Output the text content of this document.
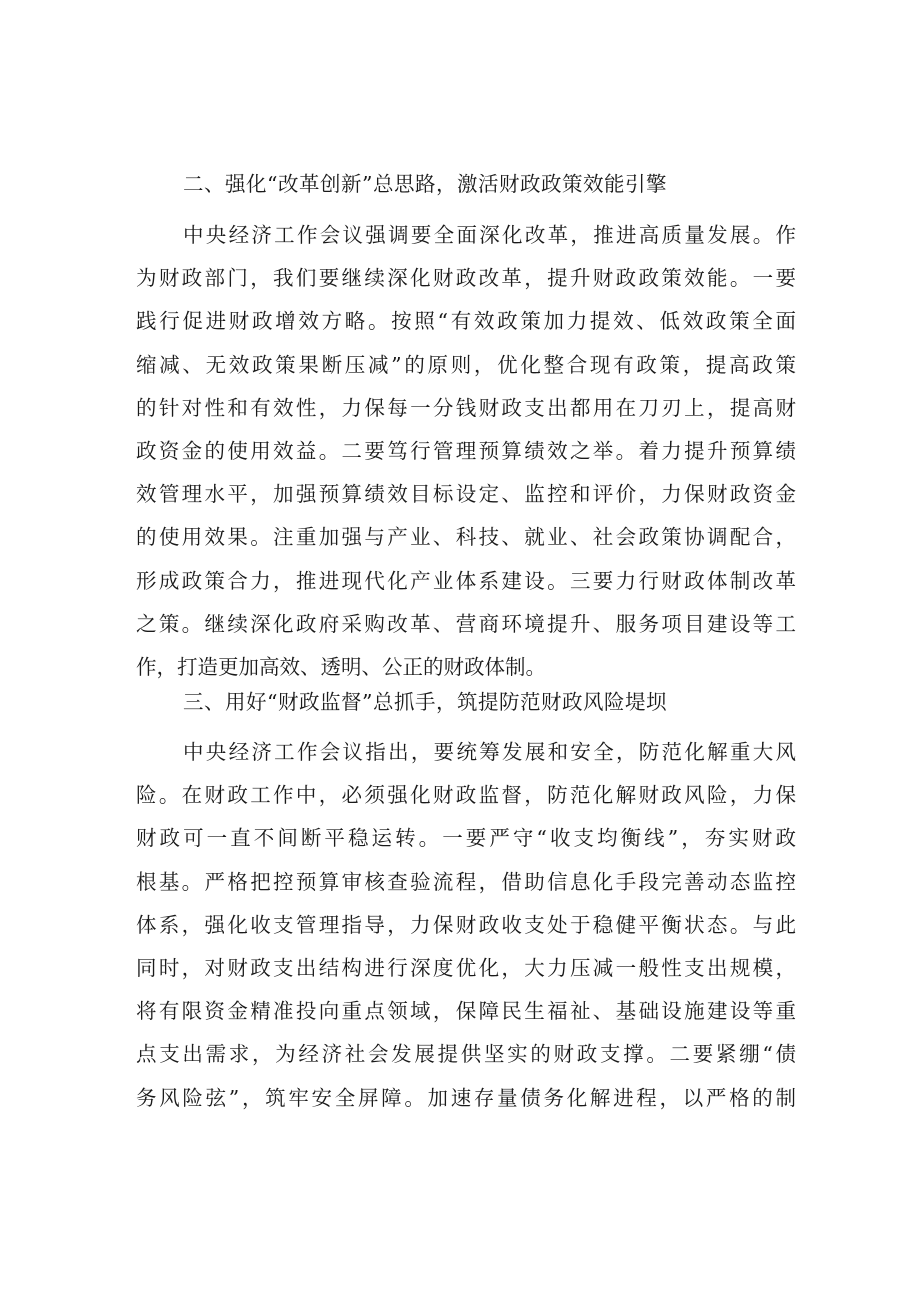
二、强化“改革创新”总思路，激活财政政策效能引擎
中央经济工作会议强调要全面深化改革，推进高质量发展。作
为财政部门，我们要继续深化财政改革，提升财政政策效能。一要
践行促进财政增效方略。按照“有效政策加力提效、低效政策全面
缩减、无效政策果断压减”的原则，优化整合现有政策，提高政策
的针对性和有效性，力保每一分钱财政支出都用在刀刃上，提高财
政资金的使用效益。二要笃行管理预算绩效之举。着力提升预算绩
效管理水平，加强预算绩效目标设定、监控和评价，力保财政资金
的使用效果。注重加强与产业、科技、就业、社会政策协调配合，
形成政策合力，推进现代化产业体系建设。三要力行财政体制改革
之策。继续深化政府采购改革、营商环境提升、服务项目建设等工
作，打造更加高效、透明、公正的财政体制。
三、用好“财政监督”总抓手，筑提防范财政风险堤坝
中央经济工作会议指出，要统筹发展和安全，防范化解重大风
险。在财政工作中，必须强化财政监督，防范化解财政风险，力保
财政可一直不间断平稳运转。一要严守“收支均衡线”，夯实财政
根基。严格把控预算审核查验流程，借助信息化手段完善动态监控
体系，强化收支管理指导，力保财政收支处于稳健平衡状态。与此
同时，对财政支出结构进行深度优化，大力压减一般性支出规模，
将有限资金精准投向重点领域，保障民生福祉、基础设施建设等重
点支出需求，为经济社会发展提供坚实的财政支撑。二要紧绷“债
务风险弦”，筑牢安全屏障。加速存量债务化解进程，以严格的制
